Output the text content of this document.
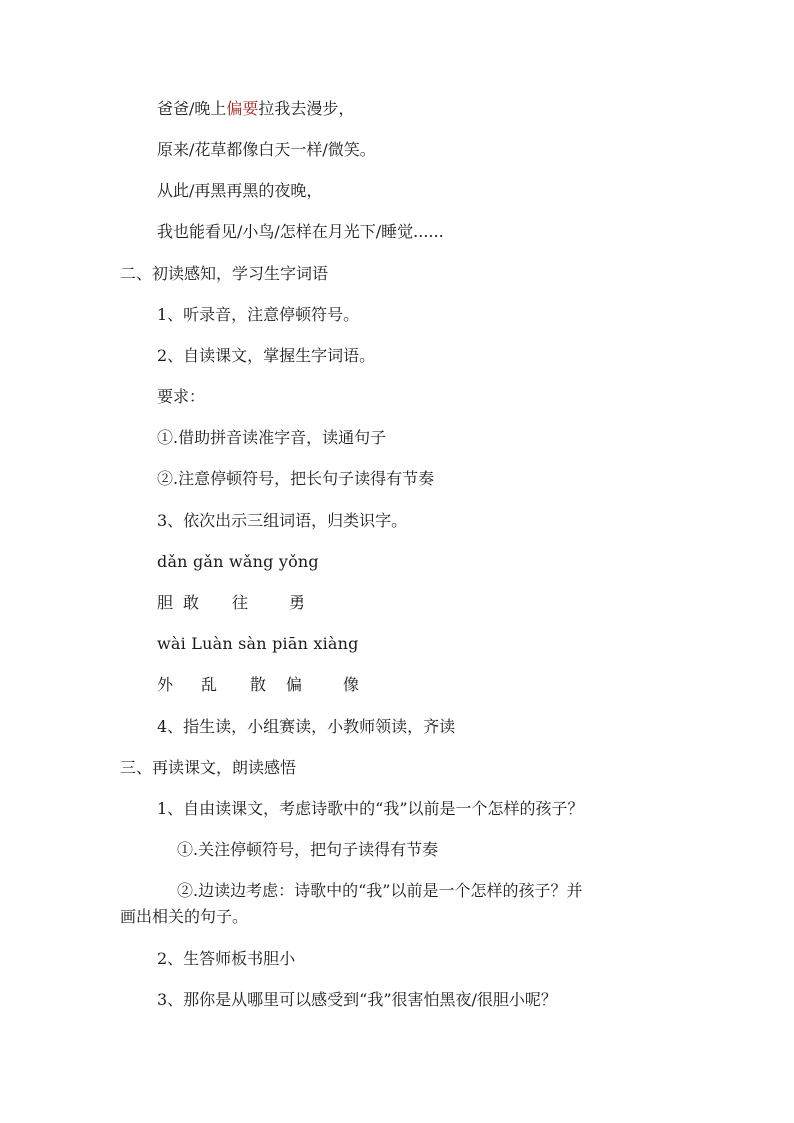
爸爸/晚上偏要拉我去漫步，
原来/花草都像白天一样/微笑。
从此/再黑再黑的夜晚，
我也能看见/小鸟/怎样在月光下/睡觉......
二、初读感知，学习生字词语
1、听录音，注意停顿符号。
2、自读课文，掌握生字词语。
要求：
①.借助拼音读准字音，读通句子
②.注意停顿符号，把长句子读得有节奏
3、依次出示三组词语，归类识字。
dǎn gǎn wǎng yǒng
胆 敢 往	勇
wài Luàn sàn piān xiàng
外 乱 散 偏	像
4、指生读，小组赛读，小教师领读，齐读
三、再读课文，朗读感悟
1、自由读课文，考虑诗歌中的“我”以前是一个怎样的孩子？
①.关注停顿符号，把句子读得有节奏
②.边读边考虑：诗歌中的“我”以前是一个怎样的孩子？并
画出相关的句子。
2、生答师板书胆小
3、那你是从哪里可以感受到“我”很害怕黑夜/很胆小呢？
